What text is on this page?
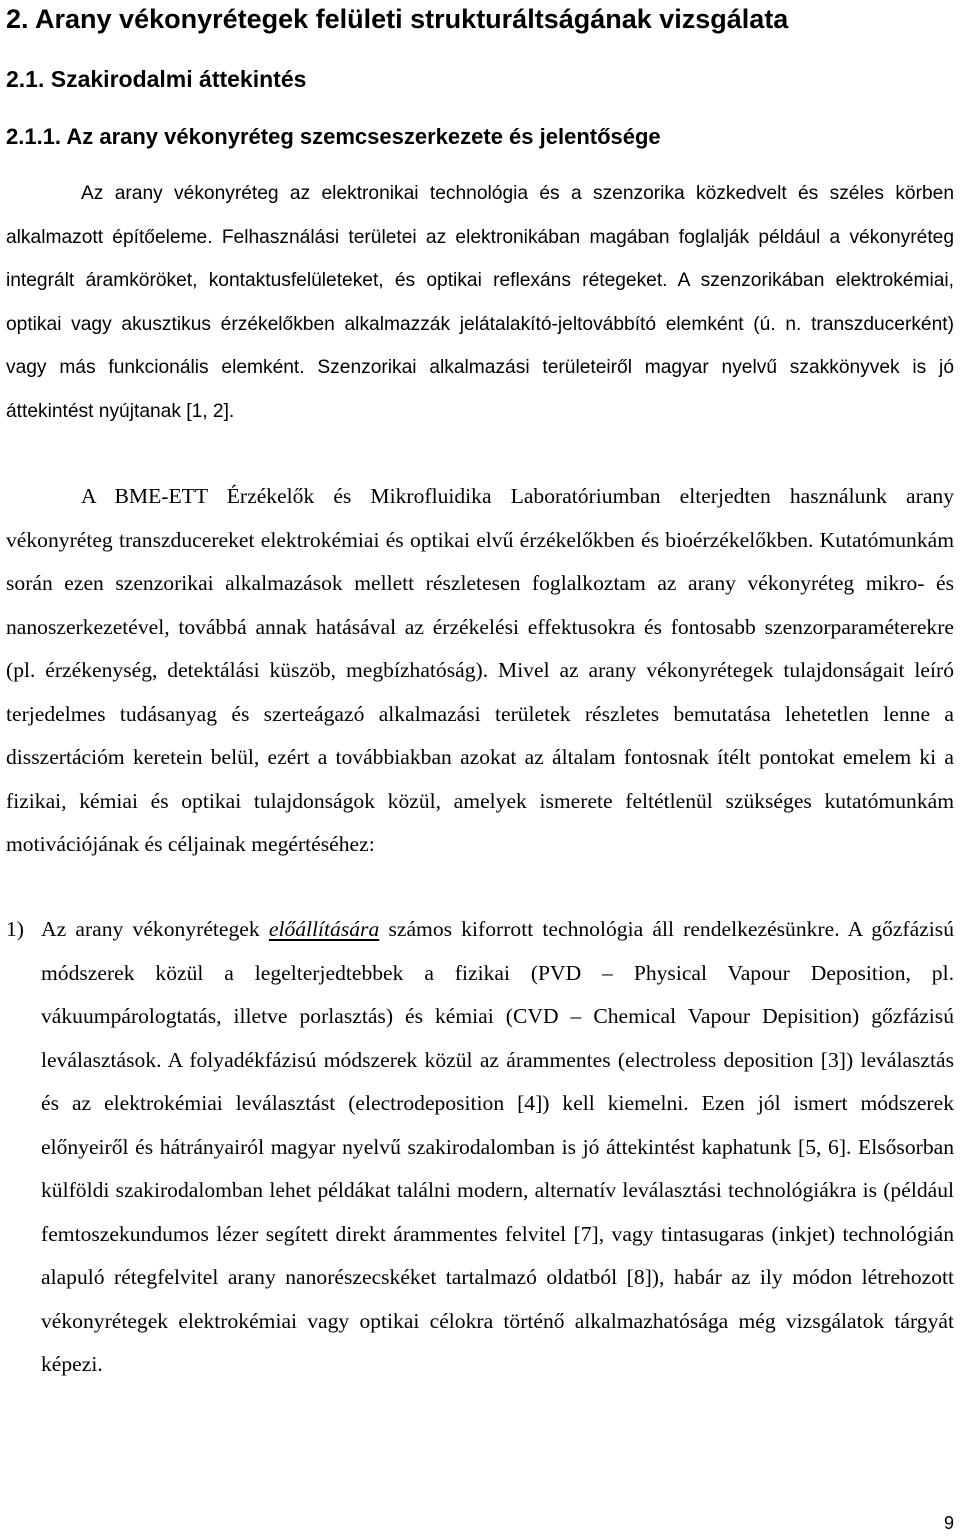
2. Arany vékonyrétegek felületi strukturáltságának vizsgálata
2.1. Szakirodalmi áttekintés
2.1.1. Az arany vékonyréteg szemcseszerkezete és jelentősége

Az arany vékonyréteg az elektronikai technológia és a szenzorika közkedvelt és széles körben alkalmazott építőeleme. Felhasználási területei az elektronikában magában foglalják például a vékonyréteg integrált áramköröket, kontaktusfelületeket, és optikai reflexáns rétegeket. A szenzorikában elektrokémiai, optikai vagy akusztikus érzékelőkben alkalmazzák jelátalakító-jeltovábbító elemként (ú. n. transzducerként) vagy más funkcionális elemként. Szenzorikai alkalmazási területeiről magyar nyelvű szakkönyvek is jó áttekintést nyújtanak [1, 2].

A BME-ETT Érzékelők és Mikrofluidika Laboratóriumban elterjedten használunk arany vékonyréteg transzducereket elektrokémiai és optikai elvű érzékelőkben és bioérzékelőkben. Kutatómunkám során ezen szenzorikai alkalmazások mellett részletesen foglalkoztam az arany vékonyréteg mikro- és nanoszerkezetével, továbbá annak hatásával az érzékelési effektusokra és fontosabb szenzorparaméterekre (pl. érzékenység, detektálási küszöb, megbízhatóság). Mivel az arany vékonyrétegek tulajdonságait leíró terjedelmes tudásanyag és szerteágazó alkalmazási területek részletes bemutatása lehetetlen lenne a disszertációm keretein belül, ezért a továbbiakban azokat az általam fontosnak ítélt pontokat emelem ki a fizikai, kémiai és optikai tulajdonságok közül, amelyek ismerete feltétlenül szükséges kutatómunkám motivációjának és céljainak megértéséhez:

1) Az arany vékonyrétegek előállítására számos kiforrott technológia áll rendelkezésünkre. A gőzfázisú módszerek közül a legelterjedtebbek a fizikai (PVD – Physical Vapour Deposition, pl. vákuumpárologtatás, illetve porlasztás) és kémiai (CVD – Chemical Vapour Depisition) gőzfázisú leválasztások. A folyadékfázisú módszerek közül az árammentes (electroless deposition [3]) leválasztás és az elektrokémiai leválasztást (electrodeposition [4]) kell kiemelni. Ezen jól ismert módszerek előnyeiről és hátrányairól magyar nyelvű szakirodalomban is jó áttekintést kaphatunk [5, 6]. Elsősorban külföldi szakirodalomban lehet példákat találni modern, alternatív leválasztási technológiákra is (például femtoszekundumos lézer segített direkt árammentes felvitel [7], vagy tintasugaras (inkjet) technológián alapuló rétegfelvitel arany nanorészecskéket tartalmazó oldatból [8]), habár az ily módon létrehozott vékonyrétegek elektrokémiai vagy optikai célokra történő alkalmazhatósága még vizsgálatok tárgyát képezi.
9
